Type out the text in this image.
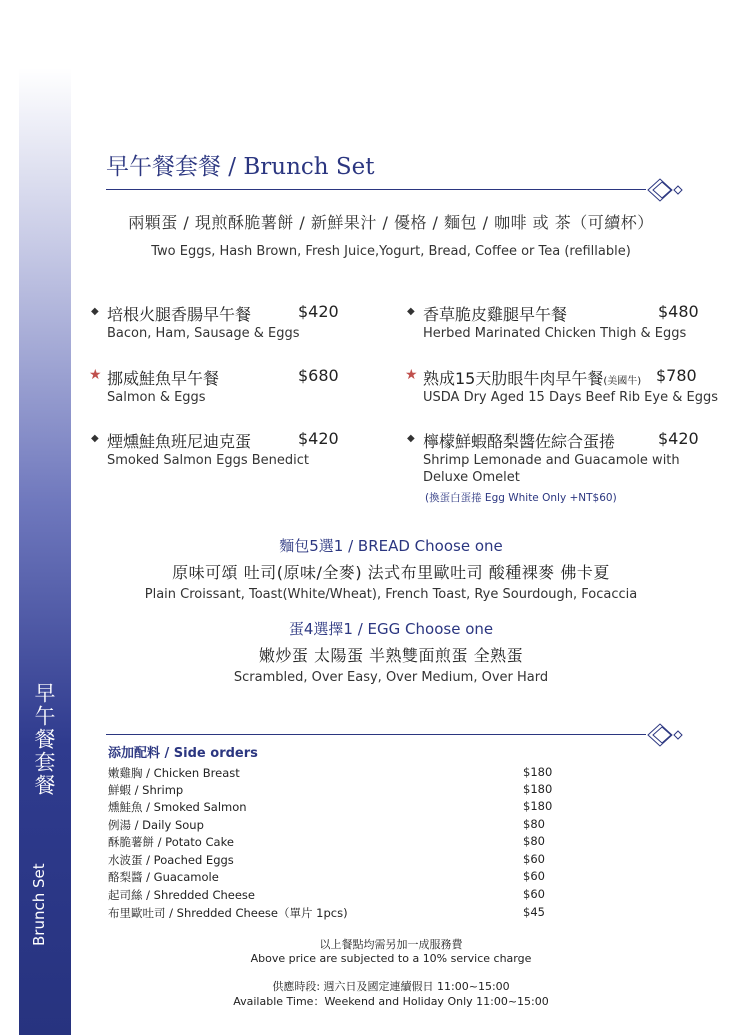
早午餐套餐
Brunch Set
早午餐套餐 / Brunch Set
兩顆蛋 / 現煎酥脆薯餅 / 新鮮果汁 / 優格 / 麵包 / 咖啡 或 茶（可續杯）
Two Eggs, Hash Brown, Fresh Juice,Yogurt, Bread, Coffee or Tea (refillable)
◆ 培根火腿香腸早午餐	$420
Bacon, Ham, Sausage & Eggs
◆ 香草脆皮雞腿早午餐	$480
Herbed Marinated Chicken Thigh & Eggs
★ 挪威鮭魚早午餐	$680
Salmon & Eggs
★ 熟成15天肋眼牛肉早午餐(美國牛) $780
USDA Dry Aged 15 Days Beef Rib Eye & Eggs
◆ 煙燻鮭魚班尼迪克蛋	$420
Smoked Salmon Eggs Benedict
◆ 檸檬鮮蝦酪梨醬佐綜合蛋捲	$420
Shrimp Lemonade and Guacamole with
Deluxe Omelet
(換蛋白蛋捲 Egg White Only +NT$60)
麵包5選1 / BREAD Choose one
原味可頌 吐司(原味/全麥) 法式布里歐吐司 酸種裸麥 佛卡夏
Plain Croissant, Toast(White/Wheat), French Toast, Rye Sourdough, Focaccia
蛋4選擇1 / EGG Choose one
嫩炒蛋 太陽蛋 半熟雙面煎蛋 全熟蛋
Scrambled, Over Easy, Over Medium, Over Hard
添加配料 / Side orders
嫩雞胸 / Chicken Breast	$180
鮮蝦 / Shrimp	$180
燻鮭魚 / Smoked Salmon	$180
例湯 / Daily Soup	$80
酥脆薯餅 / Potato Cake	$80
水波蛋 / Poached Eggs	$60
酪梨醬 / Guacamole	$60
起司絲 / Shredded Cheese	$60
布里歐吐司 / Shredded Cheese（單片 1pcs)	$45
以上餐點均需另加一成服務費
Above price are subjected to a 10% service charge
供應時段: 週六日及國定連續假日 11:00~15:00
Available Time：Weekend and Holiday Only 11:00~15:00
